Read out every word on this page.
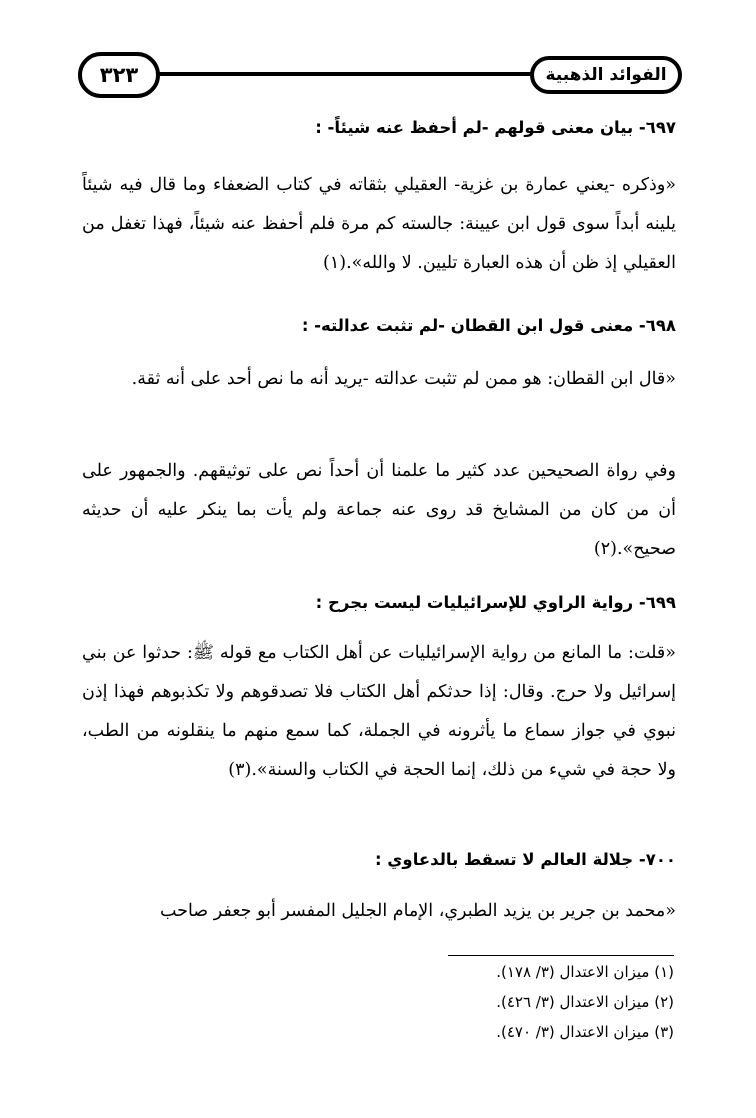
الفوائد الذهبية
٣٢٣
٦٩٧- بيان معنى قولهم -لم أحفظ عنه شيئاً- :
«وذكره -يعني عمارة بن غزية- العقيلي بثقاته في كتاب الضعفاء وما قال فيه شيئاً يلينه أبداً سوى قول ابن عيينة: جالسته كم مرة فلم أحفظ عنه شيئاً، فهذا تغفل من العقيلي إذ ظن أن هذه العبارة تليين. لا والله».(١)
٦٩٨- معنى قول ابن القطان -لم تثبت عدالته- :
«قال ابن القطان: هو ممن لم تثبت عدالته -يريد أنه ما نص أحد على أنه ثقة.
وفي رواة الصحيحين عدد كثير ما علمنا أن أحداً نص على توثيقهم. والجمهور على أن من كان من المشايخ قد روى عنه جماعة ولم يأت بما ينكر عليه أن حديثه صحيح».(٢)
٦٩٩- رواية الراوي للإسرائيليات ليست بجرح :
«قلت: ما المانع من رواية الإسرائيليات عن أهل الكتاب مع قوله ﷺ: حدثوا عن بني إسرائيل ولا حرج. وقال: إذا حدثكم أهل الكتاب فلا تصدقوهم ولا تكذبوهم فهذا إذن نبوي في جواز سماع ما يأثرونه في الجملة، كما سمع منهم ما ينقلونه من الطب، ولا حجة في شيء من ذلك، إنما الحجة في الكتاب والسنة».(٣)
٧٠٠- جلالة العالم لا تسقط بالدعاوي :
«محمد بن جرير بن يزيد الطبري، الإمام الجليل المفسر أبو جعفر صاحب
(١) ميزان الاعتدال (٣/ ١٧٨).
(٢) ميزان الاعتدال (٣/ ٤٢٦).
(٣) ميزان الاعتدال (٣/ ٤٧٠).
